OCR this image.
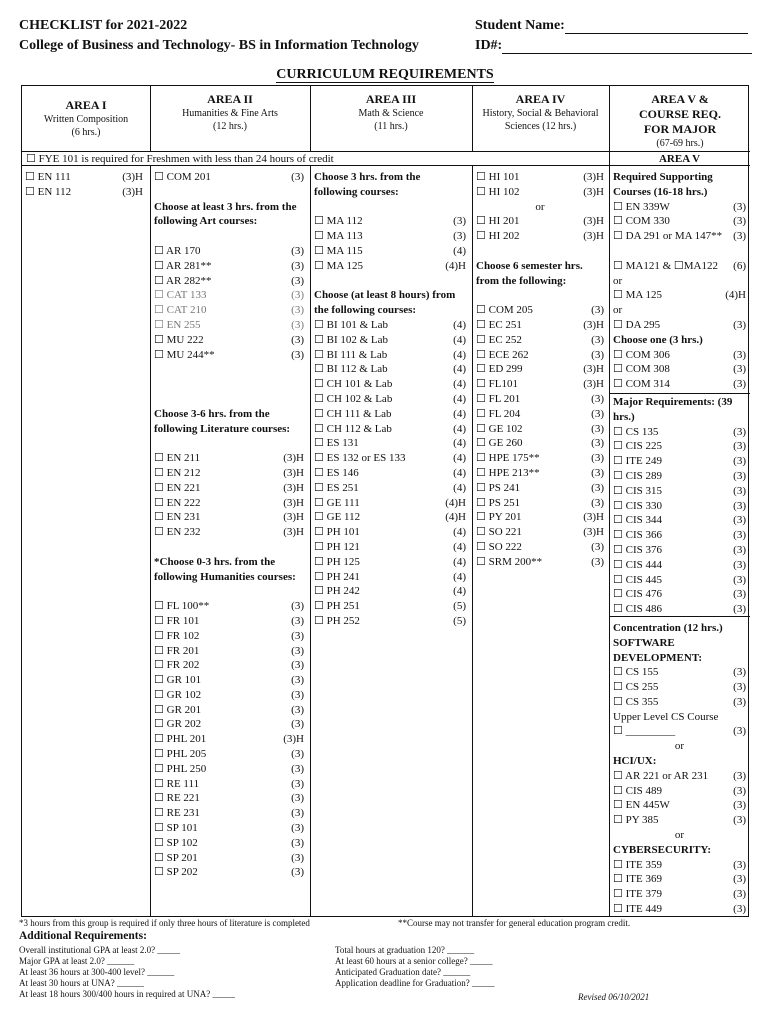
CHECKLIST for 2021-2022
College of Business and Technology- BS in Information Technology
Student Name:
ID#:
CURRICULUM REQUIREMENTS
AREA I
Written Composition
(6 hrs.)
AREA II
Humanities & Fine Arts
(12 hrs.)
AREA III
Math & Science
(11 hrs.)
AREA IV
History, Social & Behavioral Sciences (12 hrs.)
AREA V & COURSE REQ. FOR MAJOR
(67-69 hrs.)
☐ FYE 101 is required for Freshmen with less than 24 hours of credit	AREA V
☐ EN 111	(3)H
☐ EN 112	(3)H
☐ COM 201	(3)
Choose at least 3 hrs. from the following Art courses:
☐ AR 170	(3)
☐ AR 281**	(3)
☐ AR 282**	(3)
☐ CAT 133	(3)
☐ CAT 210	(3)
☐ EN 255	(3)
☐ MU 222	(3)
☐ MU 244**	(3)
Choose 3-6 hrs. from the following Literature courses:
☐ EN 211	(3)H
☐ EN 212	(3)H
☐ EN 221	(3)H
☐ EN 222	(3)H
☐ EN 231	(3)H
☐ EN 232	(3)H
*Choose 0-3 hrs. from the following Humanities courses:
☐ FL 100**	(3)
☐ FR 101	(3)
☐ FR 102	(3)
☐ FR 201	(3)
☐ FR 202	(3)
☐ GR 101	(3)
☐ GR 102	(3)
☐ GR 201	(3)
☐ GR 202	(3)
☐ PHL 201	(3)H
☐ PHL 205	(3)
☐ PHL 250	(3)
☐ RE 111	(3)
☐ RE 221	(3)
☐ RE 231	(3)
☐ SP 101	(3)
☐ SP 102	(3)
☐ SP 201	(3)
☐ SP 202	(3)
Choose 3 hrs. from the following courses:
☐ MA 112	(3)
☐ MA 113	(3)
☐ MA 115	(4)
☐ MA 125	(4)H
Choose (at least 8 hours) from the following courses:
☐ BI 101 & Lab	(4)
☐ BI 102 & Lab	(4)
☐ BI 111 & Lab	(4)
☐ BI 112 & Lab	(4)
☐ CH 101 & Lab	(4)
☐ CH 102 & Lab	(4)
☐ CH 111 & Lab	(4)
☐ CH 112 & Lab	(4)
☐ ES 131	(4)
☐ ES 132 or ES 133	(4)
☐ ES 146	(4)
☐ ES 251	(4)
☐ GE 111	(4)H
☐ GE 112	(4)H
☐ PH 101	(4)
☐ PH 121	(4)
☐ PH 125	(4)
☐ PH 241	(4)
☐ PH 242	(4)
☐ PH 251	(5)
☐ PH 252	(5)
☐ HI 101	(3)H
☐ HI 102	(3)H
or
☐ HI 201	(3)H
☐ HI 202	(3)H
Choose 6 semester hrs. from the following:
☐ COM 205	(3)
☐ EC 251	(3)H
☐ EC 252	(3)
☐ ECE 262	(3)
☐ ED 299	(3)H
☐ FL101	(3)H
☐ FL 201	(3)
☐ FL 204	(3)
☐ GE 102	(3)
☐ GE 260	(3)
☐ HPE 175**	(3)
☐ HPE 213**	(3)
☐ PS 241	(3)
☐ PS 251	(3)
☐ PY 201	(3)H
☐ SO 221	(3)H
☐ SO 222	(3)
☐ SRM 200**	(3)
Required Supporting Courses (16-18 hrs.)
☐ EN 339W	(3)
☐ COM 330	(3)
☐ DA 291 or MA 147** (3)
☐ MA121 & ☐MA122 (6)
or
☐ MA 125	(4)H
or
☐ DA 295	(3)
Choose one (3 hrs.)
☐ COM 306	(3)
☐ COM 308	(3)
☐ COM 314	(3)
Major Requirements: (39 hrs.)
☐ CS 135	(3)
☐ CIS 225	(3)
☐ ITE 249	(3)
☐ CIS 289	(3)
☐ CIS 315	(3)
☐ CIS 330	(3)
☐ CIS 344	(3)
☐ CIS 366	(3)
☐ CIS 376	(3)
☐ CIS 444	(3)
☐ CIS 445	(3)
☐ CIS 476	(3)
☐ CIS 486	(3)
Concentration (12 hrs.) SOFTWARE DEVELOPMENT:
☐ CS 155	(3)
☐ CS 255	(3)
☐ CS 355	(3)
Upper Level CS Course
☐ _________	(3)
or
HCI/UX:
☐ AR 221 or AR 231 (3)
☐ CIS 489	(3)
☐ EN 445W	(3)
☐ PY 385	(3)
or
CYBERSECURITY:
☐ ITE 359	(3)
☐ ITE 369	(3)
☐ ITE 379	(3)
☐ ITE 449	(3)
*3 hours from this group is required if only three hours of literature is completed	**Course may not transfer for general education program credit.
Additional Requirements:
Overall institutional GPA at least 2.0? _____
Major GPA at least 2.0? ______
At least 36 hours at 300-400 level? ______
At least 30 hours at UNA? ______
At least 18 hours 300/400 hours in required at UNA? _____
Total hours at graduation 120? ______
At least 60 hours at a senior college? _____
Anticipated Graduation date? ______
Application deadline for Graduation? _____
Revised 06/10/2021
